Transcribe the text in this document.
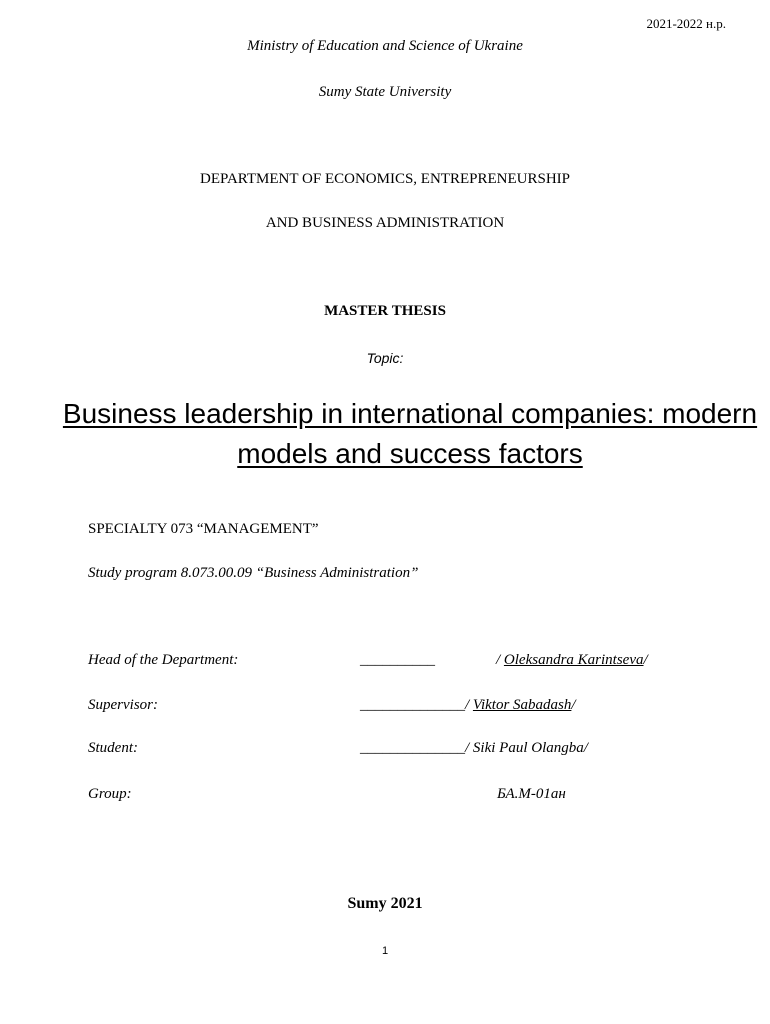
2021-2022 н.р.
Ministry of Education and Science of Ukraine
Sumy State University
DEPARTMENT OF ECONOMICS, ENTREPRENEURSHIP
AND BUSINESS ADMINISTRATION
MASTER THESIS
Topic:
Business leadership in international companies: modern models and success factors
SPECIALTY 073 “MANAGEMENT”
Study program 8.073.00.09 “Business Administration”
Head of the Department:	__________	/ Oleksandra Karintseva/
Supervisor:	______________/ Viktor Sabadash/
Student:	______________/ Siki Paul Olangba/
Group:	БА.М-01ан
Sumy 2021
1
